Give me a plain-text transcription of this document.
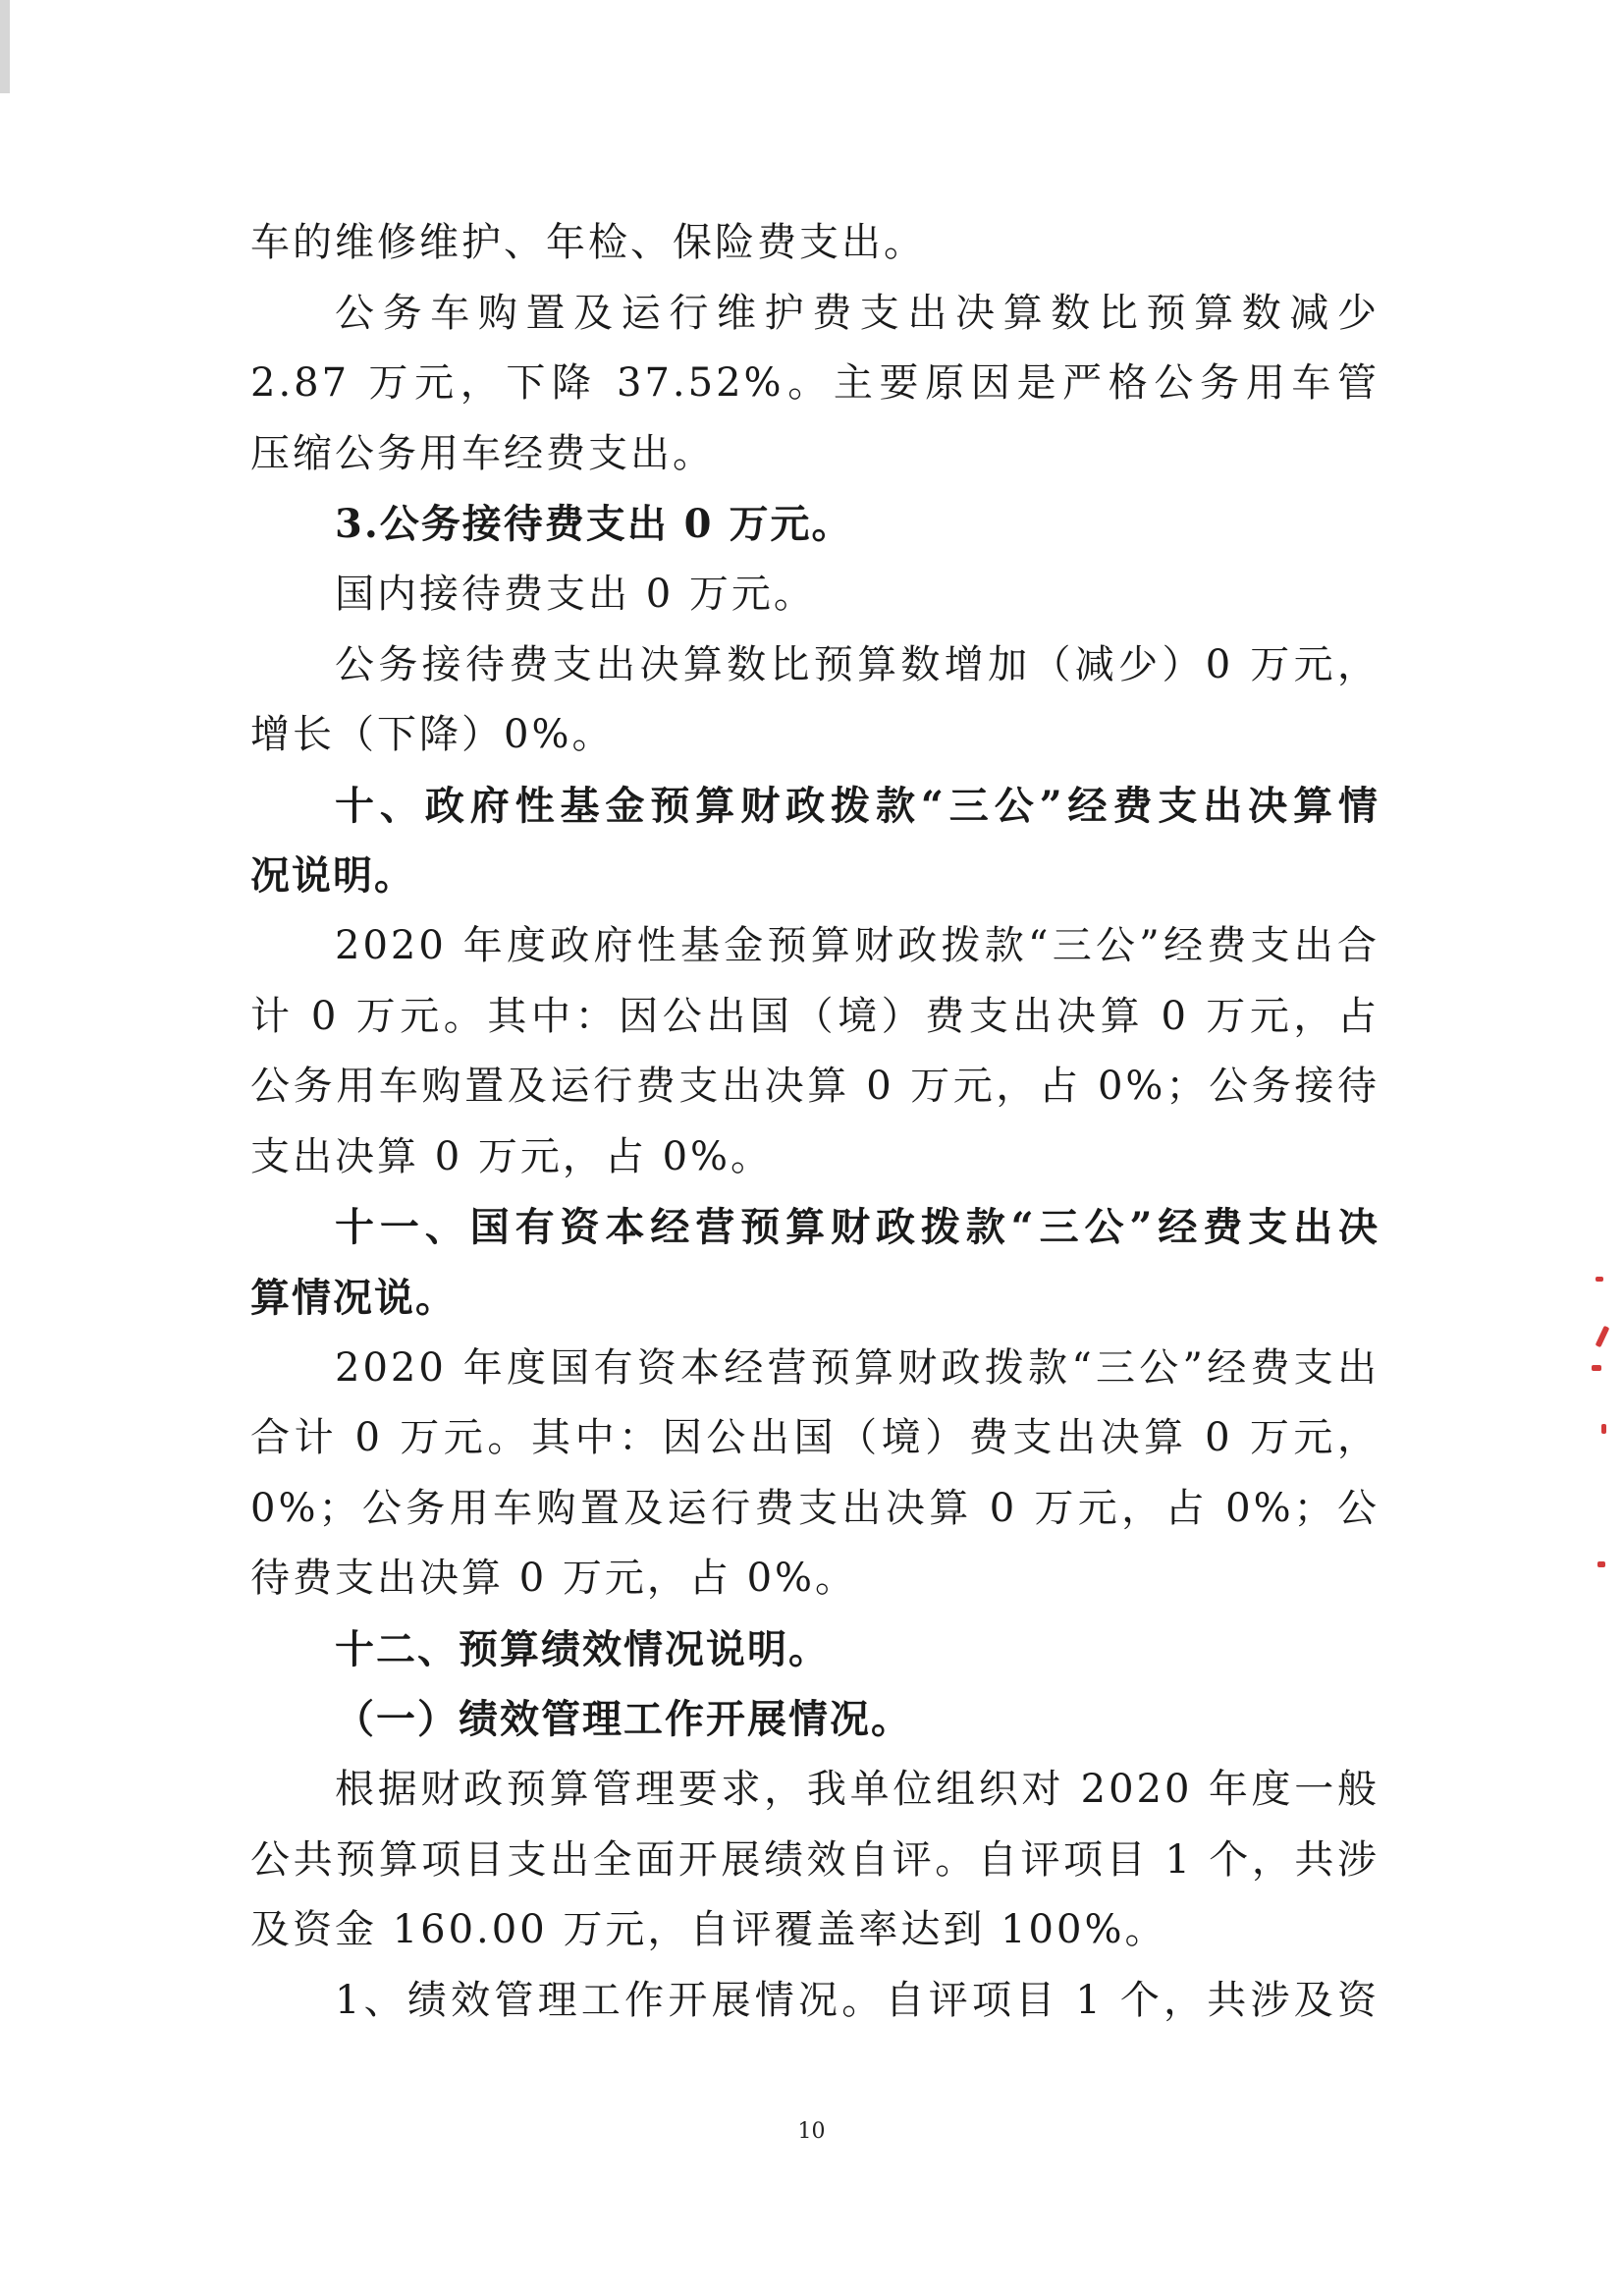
车的维修维护、年检、保险费支出。
公务车购置及运行维护费支出决算数比预算数减少
2.87 万元，下降 37.52%。主要原因是严格公务用车管
压缩公务用车经费支出。
3.公务接待费支出 0 万元。
国内接待费支出 0 万元。
公务接待费支出决算数比预算数增加（减少）0 万元，
增长（下降）0%。
十、政府性基金预算财政拨款“三公”经费支出决算情
况说明。
2020 年度政府性基金预算财政拨款“三公”经费支出合
计 0 万元。其中：因公出国（境）费支出决算 0 万元，占
公务用车购置及运行费支出决算 0 万元，占 0%；公务接待
支出决算 0 万元，占 0%。
十一、国有资本经营预算财政拨款“三公”经费支出决
算情况说。
2020 年度国有资本经营预算财政拨款“三公”经费支出
合计 0 万元。其中：因公出国（境）费支出决算 0 万元，
0%；公务用车购置及运行费支出决算 0 万元，占 0%；公
待费支出决算 0 万元，占 0%。
十二、预算绩效情况说明。
（一）绩效管理工作开展情况。
根据财政预算管理要求，我单位组织对 2020 年度一般
公共预算项目支出全面开展绩效自评。自评项目 1 个，共涉
及资金 160.00 万元，自评覆盖率达到 100%。
1、绩效管理工作开展情况。自评项目 1 个，共涉及资
10
